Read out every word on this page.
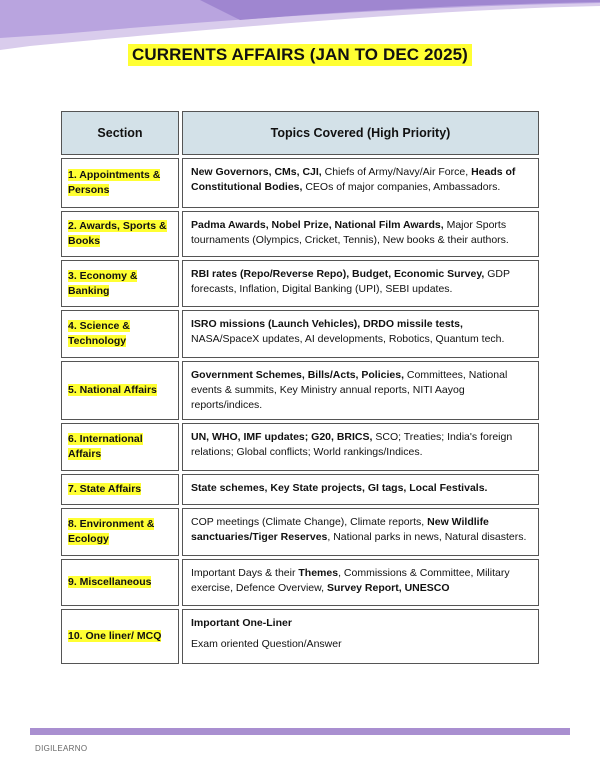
CURRENTS AFFAIRS (JAN TO DEC 2025)
Section	Topics Covered (High Priority)
1. Appointments & Persons	New Governors, CMs, CJI, Chiefs of Army/Navy/Air Force, Heads of Constitutional Bodies, CEOs of major companies, Ambassadors.
2. Awards, Sports & Books	Padma Awards, Nobel Prize, National Film Awards, Major Sports tournaments (Olympics, Cricket, Tennis), New books & their authors.
3. Economy & Banking	RBI rates (Repo/Reverse Repo), Budget, Economic Survey, GDP forecasts, Inflation, Digital Banking (UPI), SEBI updates.
4. Science & Technology	ISRO missions (Launch Vehicles), DRDO missile tests, NASA/SpaceX updates, AI developments, Robotics, Quantum tech.
5. National Affairs	Government Schemes, Bills/Acts, Policies, Committees, National events & summits, Key Ministry annual reports, NITI Aayog reports/indices.
6. International Affairs	UN, WHO, IMF updates; G20, BRICS, SCO; Treaties; India's foreign relations; Global conflicts; World rankings/Indices.
7. State Affairs	State schemes, Key State projects, GI tags, Local Festivals.
8. Environment & Ecology	COP meetings (Climate Change), Climate reports, New Wildlife sanctuaries/Tiger Reserves, National parks in news, Natural disasters.
9. Miscellaneous	Important Days & their Themes, Commissions & Committee, Military exercise, Defence Overview, Survey Report, UNESCO
10. One liner/ MCQ	Important One-Liner
Exam oriented Question/Answer
DIGILEARNO
